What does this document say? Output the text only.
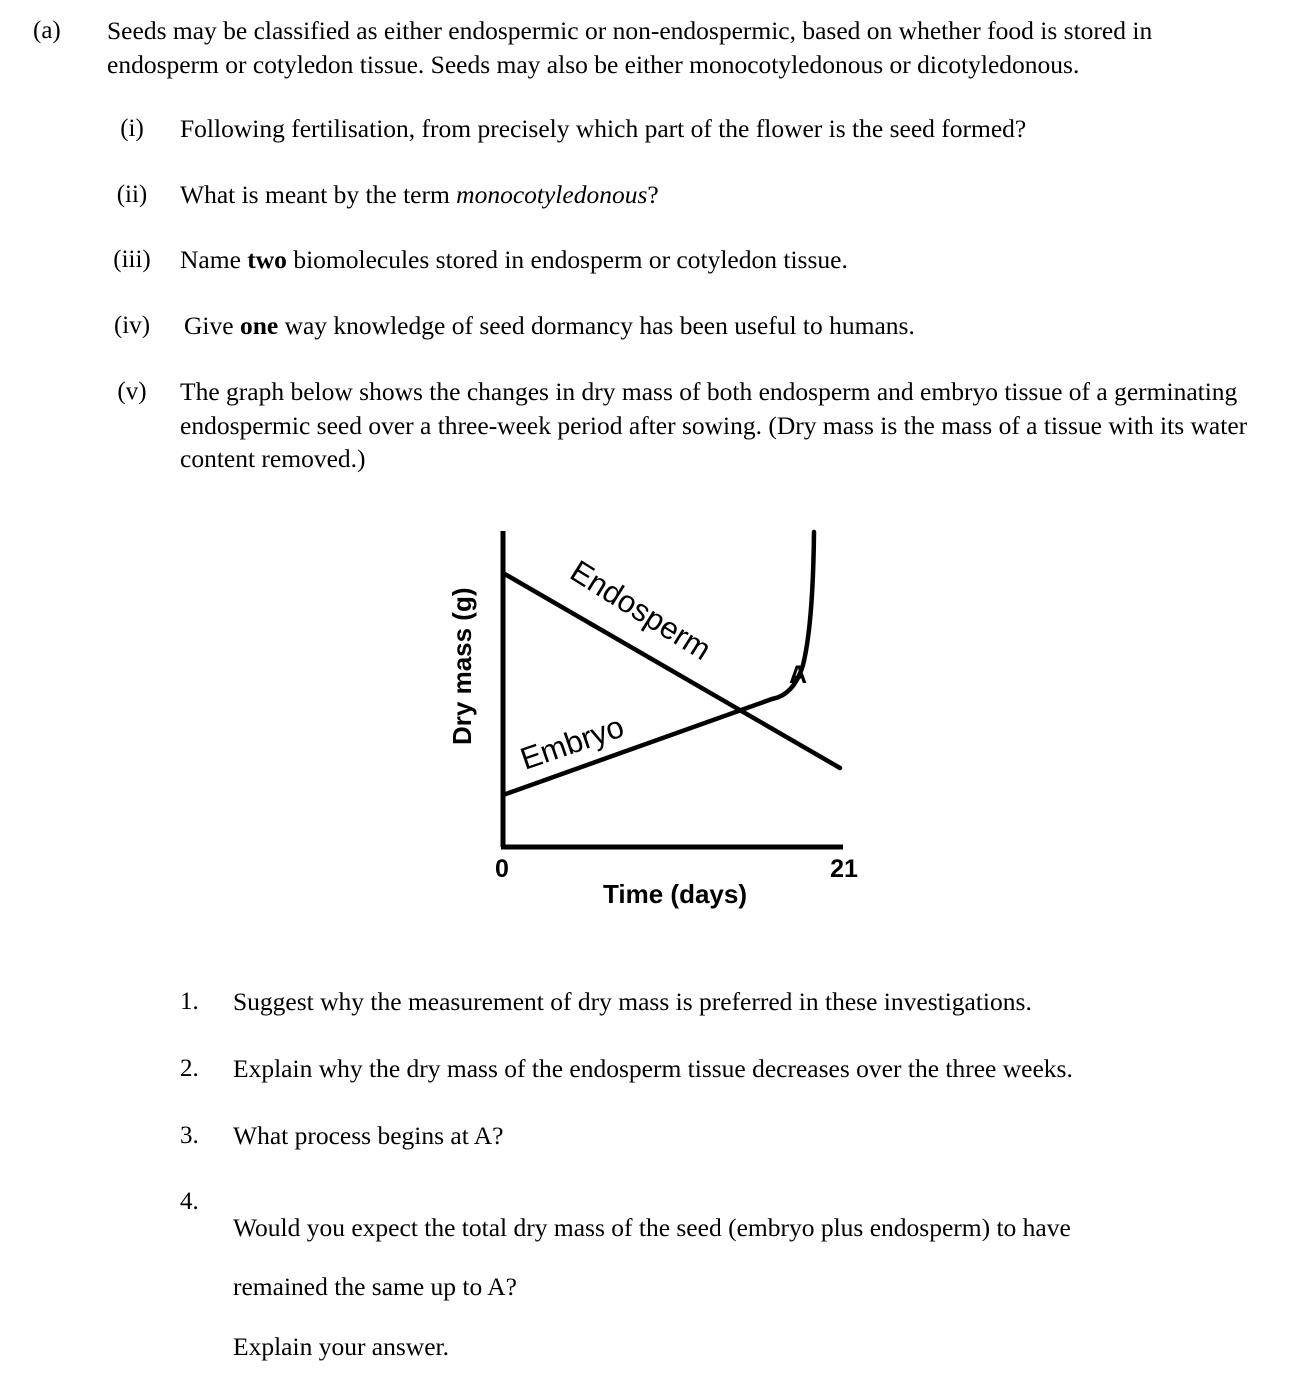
(a) Seeds may be classified as either endospermic or non-endospermic, based on whether food is stored in endosperm or cotyledon tissue. Seeds may also be either monocotyledonous or dicotyledonous.
(i)	Following fertilisation, from precisely which part of the flower is the seed formed?
(ii)	What is meant by the term monocotyledonous?
(iii)	Name two biomolecules stored in endosperm or cotyledon tissue.
(iv)	Give one way knowledge of seed dormancy has been useful to humans.
(v)	The graph below shows the changes in dry mass of both endosperm and embryo tissue of a germinating endospermic seed over a three-week period after sowing. (Dry mass is the mass of a tissue with its water content removed.)
Dry mass (g)
Time (days)
0	21
Endosperm
Embryo
A
1.	Suggest why the measurement of dry mass is preferred in these investigations.
2.	Explain why the dry mass of the endosperm tissue decreases over the three weeks.
3.	What process begins at A?
4.

Would you expect the total dry mass of the seed (embryo plus endosperm) to have

remained the same up to A?

Explain your answer.
